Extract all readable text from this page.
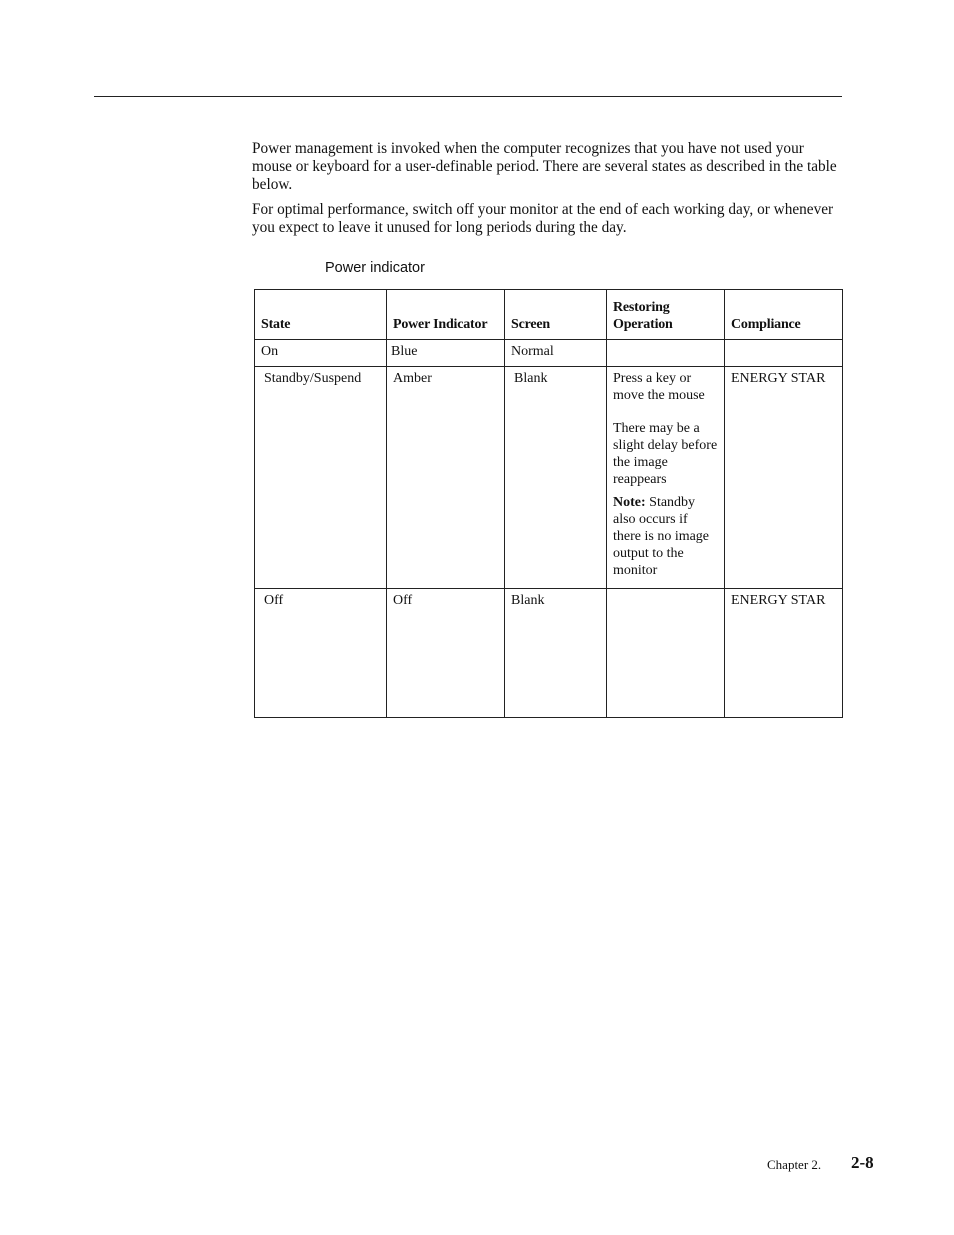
Power management is invoked when the computer recognizes that you have not used your mouse or keyboard for a user-definable period. There are several states as described in the table below.

For optimal performance, switch off your monitor at the end of each working day, or whenever you expect to leave it unused for long periods during the day.

Power indicator
State	Power Indicator	Screen	Restoring
Operation	Compliance
On	Blue	Normal		
Standby/Suspend	Amber	Blank	Press a key or move the mouse
There may be a slight delay before the image reappears
Note: Standby also occurs if there is no image output to the monitor	ENERGY STAR
Off	Off	Blank		ENERGY STAR
Chapter 2. 2-8
